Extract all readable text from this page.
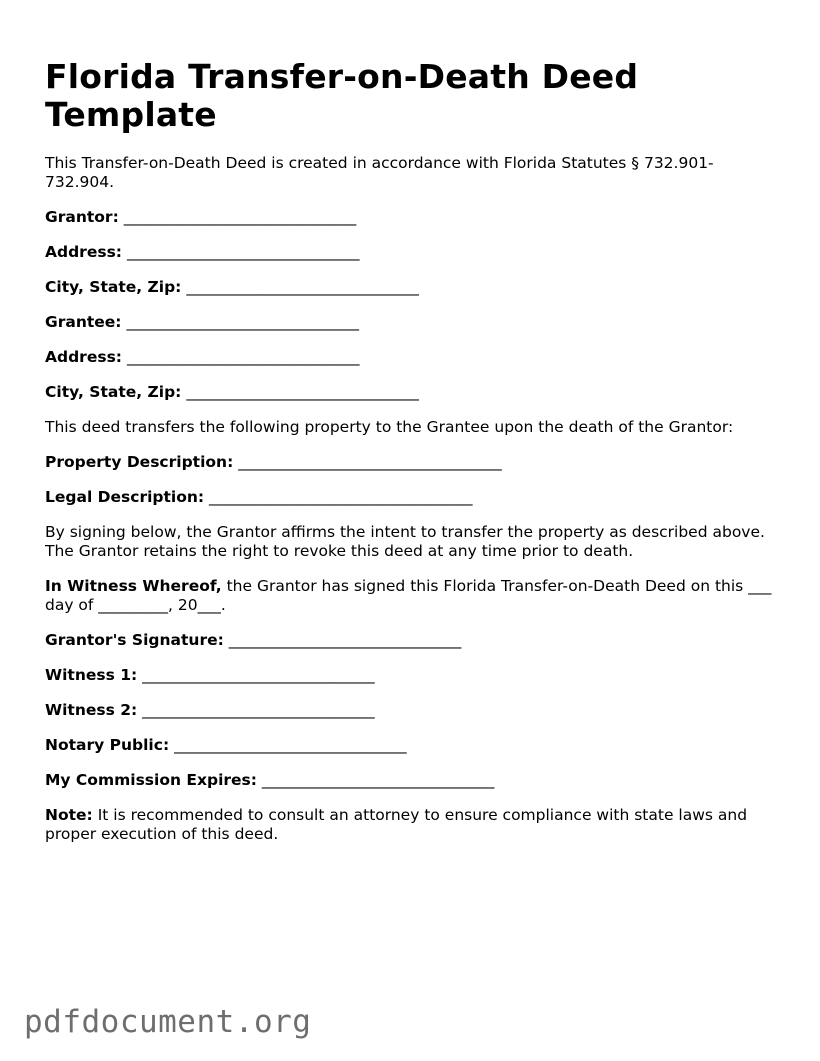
Florida Transfer-on-Death Deed Template

This Transfer-on-Death Deed is created in accordance with Florida Statutes § 732.901-732.904.

Grantor: ______________________________

Address: ______________________________

City, State, Zip: ______________________________

Grantee: ______________________________

Address: ______________________________

City, State, Zip: ______________________________

This deed transfers the following property to the Grantee upon the death of the Grantor:

Property Description: __________________________________

Legal Description: __________________________________

By signing below, the Grantor affirms the intent to transfer the property as described above. The Grantor retains the right to revoke this deed at any time prior to death.

In Witness Whereof, the Grantor has signed this Florida Transfer-on-Death Deed on this ___ day of _________, 20___.

Grantor's Signature: ______________________________

Witness 1: ______________________________

Witness 2: ______________________________

Notary Public: ______________________________

My Commission Expires: ______________________________

Note: It is recommended to consult an attorney to ensure compliance with state laws and proper execution of this deed.

pdfdocument.org
